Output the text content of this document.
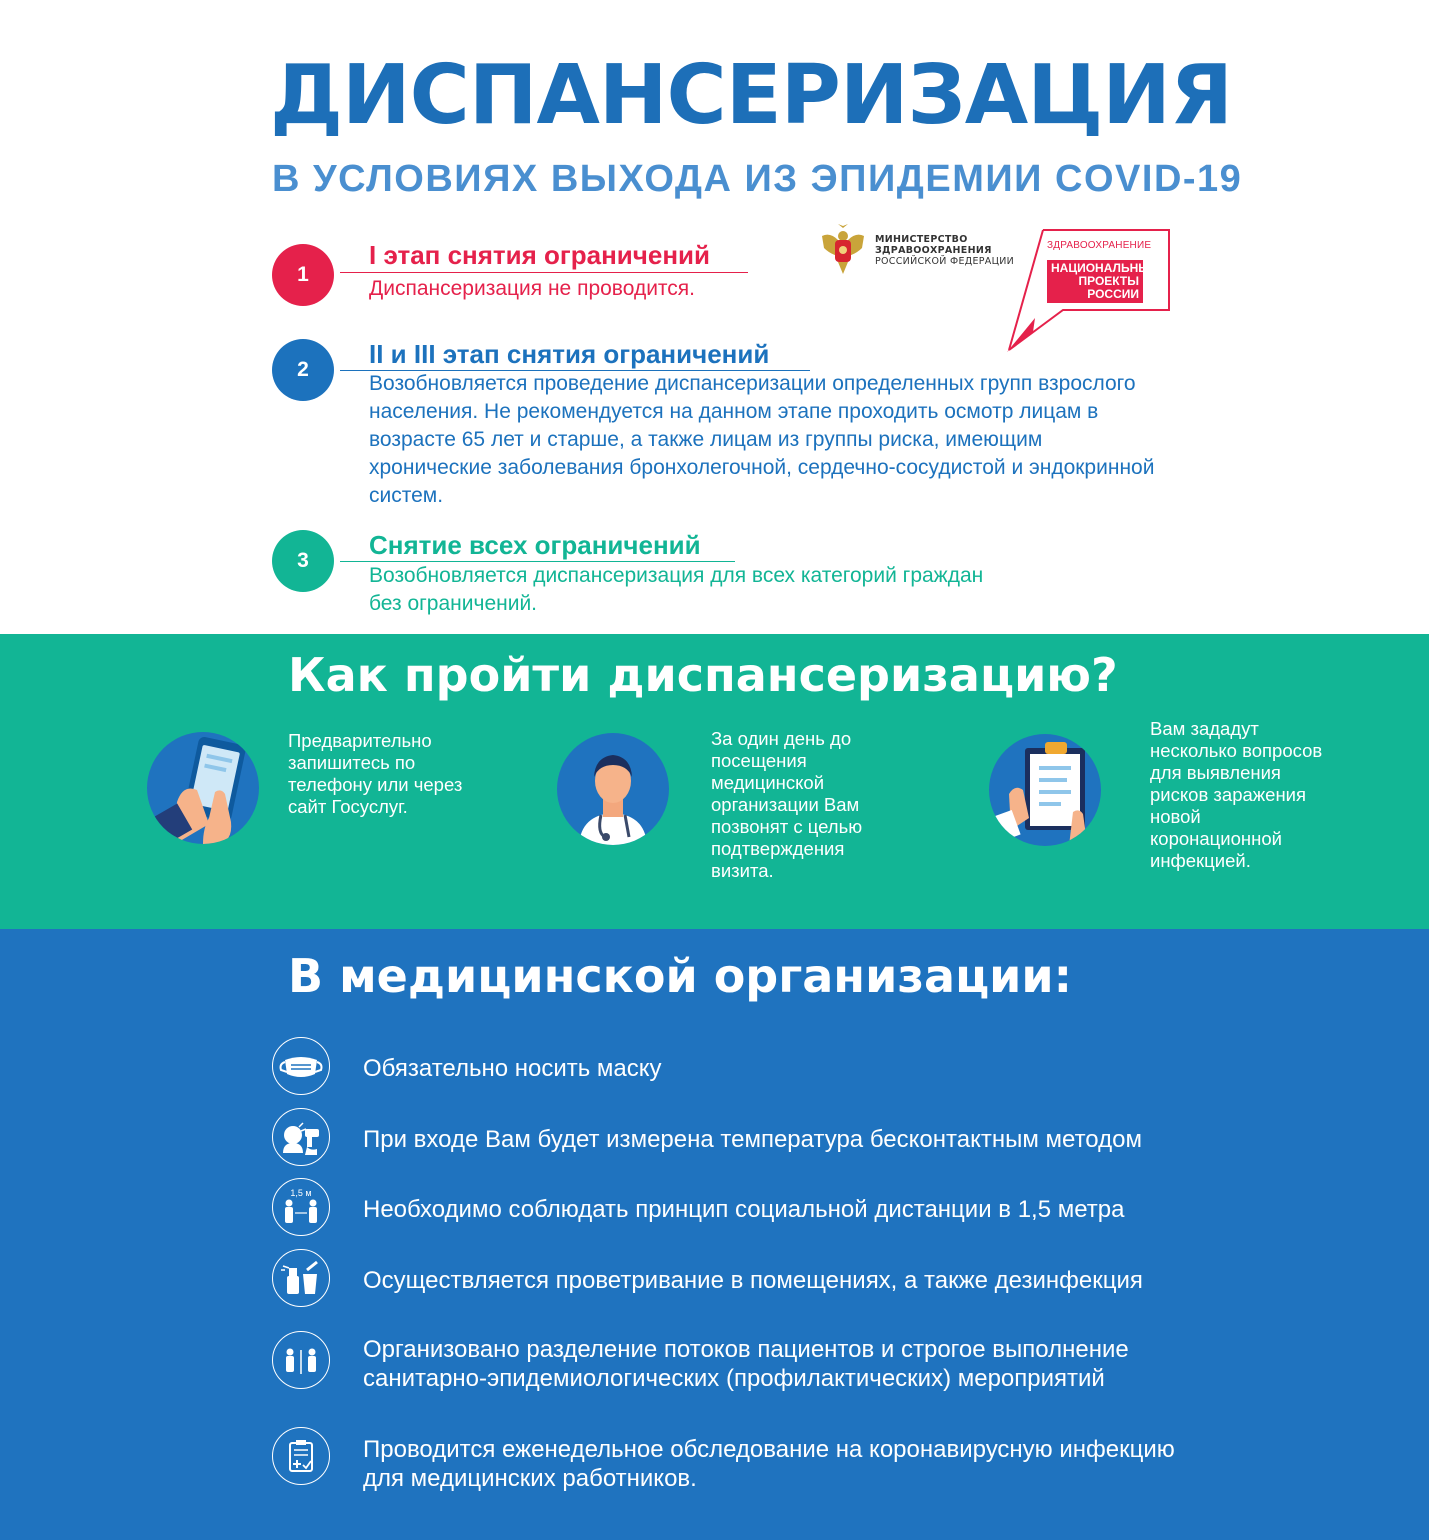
ДИСПАНСЕРИЗАЦИЯ
В УСЛОВИЯХ ВЫХОДА ИЗ ЭПИДЕМИИ COVID-19
1
I этап снятия ограничений
Диспансеризация не проводится.
2
II и III этап снятия ограничений
Возобновляется проведение диспансеризации определенных групп взрослого населения. Не рекомендуется на данном этапе проходить осмотр лицам в возрасте 65 лет и старше, а также лицам из группы риска, имеющим хронические заболевания бронхолегочной, сердечно-сосудистой и эндокринной систем.
3
Снятие всех ограничений
Возобновляется диспансеризация для всех категорий граждан без ограничений.
МИНИСТЕРСТВО
ЗДРАВООХРАНЕНИЯ
РОССИЙСКОЙ ФЕДЕРАЦИИ
ЗДРАВООХРАНЕНИЕ
НАЦИОНАЛЬНЫЕ
ПРОЕКТЫ
РОССИИ
Как пройти диспансеризацию?
Предварительно запишитесь по телефону или через сайт Госуслуг.
За один день до посещения медицинской организации Вам позвонят с целью подтверждения визита.
Вам зададут несколько вопросов для выявления рисков заражения новой коронационной инфекцией.
В медицинской организации:
Обязательно носить маску
При входе Вам будет измерена температура бесконтактным методом
1,5 м
Необходимо соблюдать принцип социальной дистанции в 1,5 метра
Осуществляется проветривание в помещениях, а также дезинфекция
Организовано разделение потоков пациентов и строгое выполнение санитарно-эпидемиологических (профилактических) мероприятий
Проводится еженедельное обследование на коронавирусную инфекцию для медицинских работников.
